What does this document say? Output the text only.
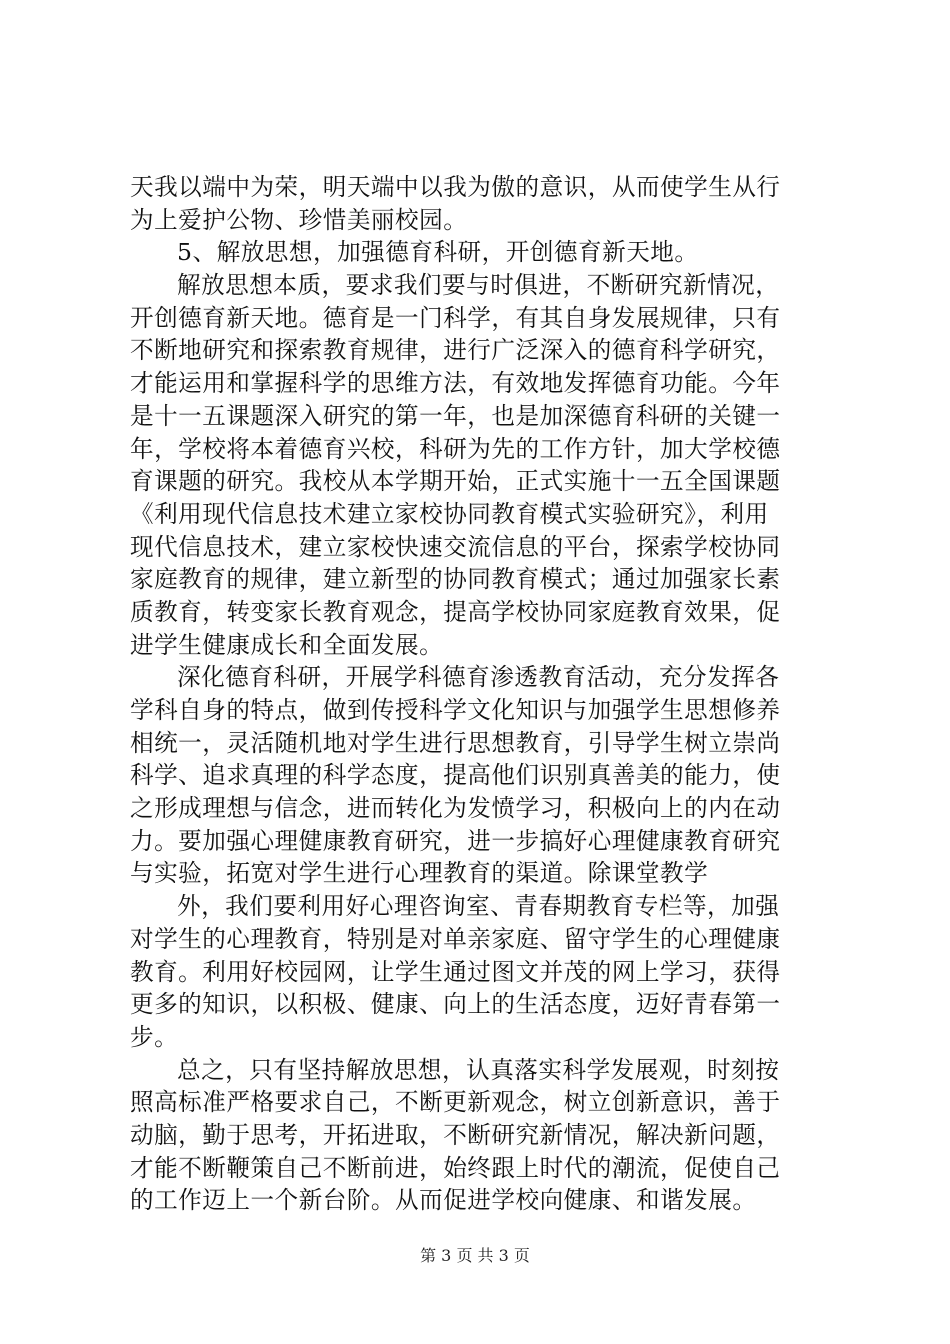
天我以端中为荣，明天端中以我为傲的意识，从而使学生从行
为上爱护公物、珍惜美丽校园。
5、解放思想，加强德育科研，开创德育新天地。
解放思想本质，要求我们要与时俱进，不断研究新情况，
开创德育新天地。德育是一门科学，有其自身发展规律，只有
不断地研究和探索教育规律，进行广泛深入的德育科学研究，
才能运用和掌握科学的思维方法，有效地发挥德育功能。今年
是十一五课题深入研究的第一年，也是加深德育科研的关键一
年，学校将本着德育兴校，科研为先的工作方针，加大学校德
育课题的研究。我校从本学期开始，正式实施十一五全国课题
《利用现代信息技术建立家校协同教育模式实验研究》，利用
现代信息技术，建立家校快速交流信息的平台，探索学校协同
家庭教育的规律，建立新型的协同教育模式；通过加强家长素
质教育，转变家长教育观念，提高学校协同家庭教育效果，促
进学生健康成长和全面发展。
深化德育科研，开展学科德育渗透教育活动，充分发挥各
学科自身的特点，做到传授科学文化知识与加强学生思想修养
相统一，灵活随机地对学生进行思想教育，引导学生树立崇尚
科学、追求真理的科学态度，提高他们识别真善美的能力，使
之形成理想与信念，进而转化为发愤学习，积极向上的内在动
力。要加强心理健康教育研究，进一步搞好心理健康教育研究
与实验，拓宽对学生进行心理教育的渠道。除课堂教学
外，我们要利用好心理咨询室、青春期教育专栏等，加强
对学生的心理教育，特别是对单亲家庭、留守学生的心理健康
教育。利用好校园网，让学生通过图文并茂的网上学习，获得
更多的知识，以积极、健康、向上的生活态度，迈好青春第一
步。
总之，只有坚持解放思想，认真落实科学发展观，时刻按
照高标准严格要求自己，不断更新观念，树立创新意识，善于
动脑，勤于思考，开拓进取，不断研究新情况，解决新问题，
才能不断鞭策自己不断前进，始终跟上时代的潮流，促使自己
的工作迈上一个新台阶。从而促进学校向健康、和谐发展。
第 3 页 共 3 页
